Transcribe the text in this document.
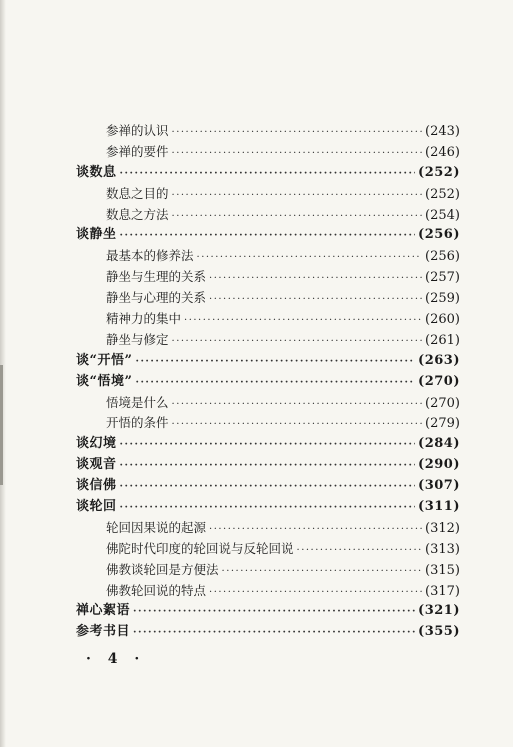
参禅的认识 ·····	(243)
参禅的要件 ·····	(246)
谈数息 ·····	(252)
数息之目的 ·····	(252)
数息之方法 ·····	(254)
谈静坐 ·····	(256)
最基本的修养法 ·····	(256)
静坐与生理的关系 ·····	(257)
静坐与心理的关系 ·····	(259)
精神力的集中 ·····	(260)
静坐与修定 ·····	(261)
谈“开悟” ·····	(263)
谈“悟境” ·····	(270)
悟境是什么 ·····	(270)
开悟的条件 ·····	(279)
谈幻境 ·····	(284)
谈观音 ·····	(290)
谈信佛 ·····	(307)
谈轮回 ·····	(311)
轮回因果说的起源 ·····	(312)
佛陀时代印度的轮回说与反轮回说 ·····	(313)
佛教谈轮回是方便法 ·····	(315)
佛教轮回说的特点 ·····	(317)
禅心絮语 ·····	(321)
参考书目 ·····	(355)
· 4 ·
